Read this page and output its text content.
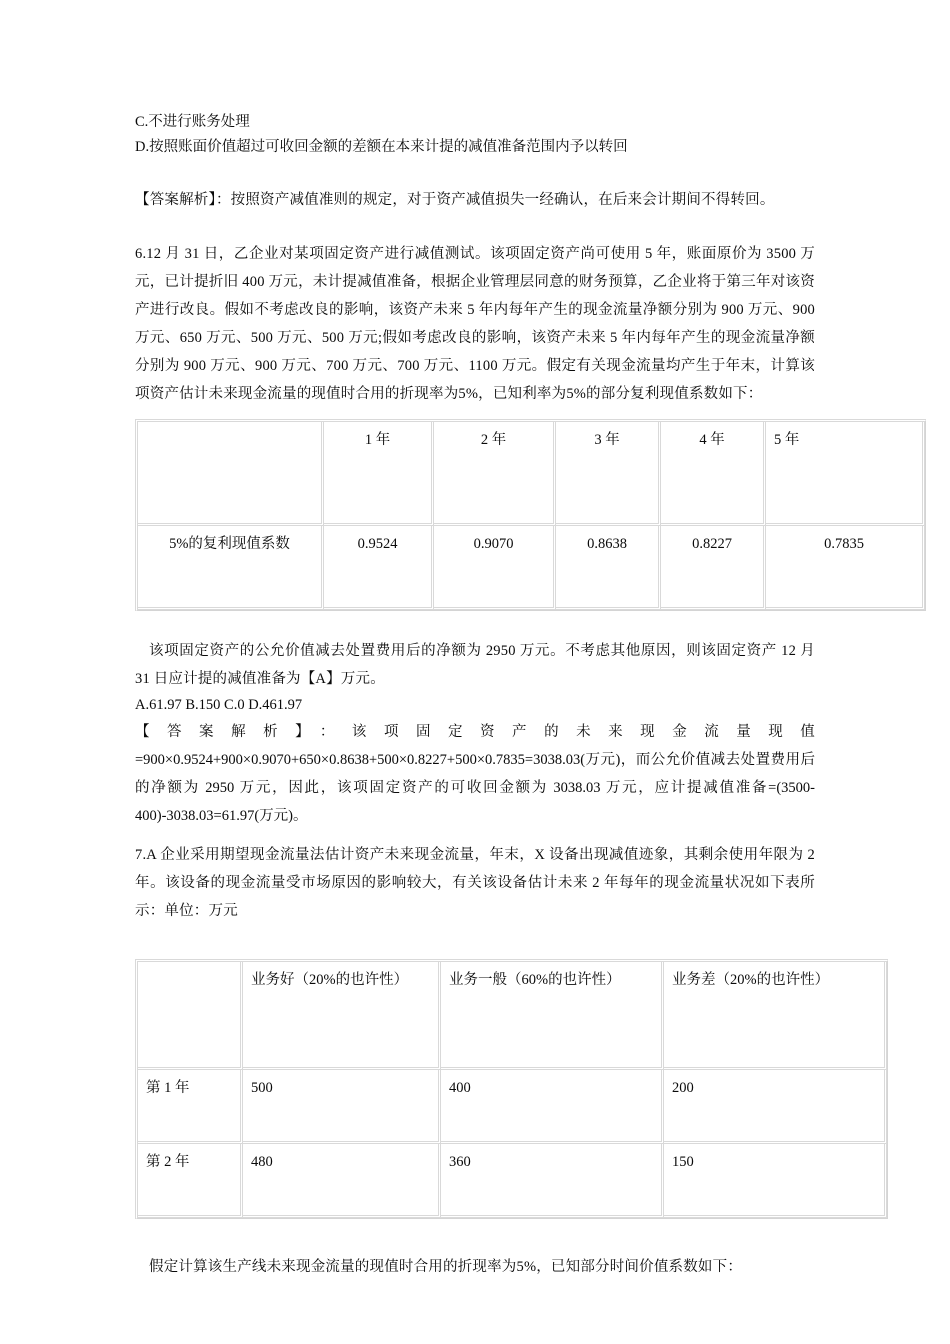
C.不进行账务处理

D.按照账面价值超过可收回金额的差额在本来计提的减值准备范围内予以转回

【答案解析】：按照资产减值准则的规定，对于资产减值损失一经确认，在后来会计期间不得转回。

6.12 月 31 日，乙企业对某项固定资产进行减值测试。该项固定资产尚可使用 5 年，账面原价为 3500 万元，已计提折旧 400 万元，未计提减值准备，根据企业管理层同意的财务预算，乙企业将于第三年对该资产进行改良。假如不考虑改良的影响，该资产未来 5 年内每年产生的现金流量净额分别为 900 万元、900 万元、650 万元、500 万元、500 万元;假如考虑改良的影响，该资产未来 5 年内每年产生的现金流量净额分别为 900 万元、900 万元、700 万元、700 万元、1100 万元。假定有关现金流量均产生于年末，计算该项资产估计未来现金流量的现值时合用的折现率为5%，已知利率为5%的部分复利现值系数如下：

	1 年	2 年	3 年	4 年	5 年
5%的复利现值系数	0.9524	0.9070	0.8638	0.8227	0.7835

该项固定资产的公允价值减去处置费用后的净额为 2950 万元。不考虑其他原因，则该固定资产 12 月 31 日应计提的减值准备为【A】万元。

A.61.97 B.150 C.0 D.461.97

【答案解析】：该项固定资产的未来现金流量现值

=900×0.9524+900×0.9070+650×0.8638+500×0.8227+500×0.7835=3038.03(万元)，而公允价值减去处置费用后的净额为 2950 万元，因此，该项固定资产的可收回金额为 3038.03 万元，应计提减值准备=(3500-400)-3038.03=61.97(万元)。

7.A 企业采用期望现金流量法估计资产未来现金流量，年末，X 设备出现减值迹象，其剩余使用年限为 2 年。该设备的现金流量受市场原因的影响较大，有关该设备估计未来 2 年每年的现金流量状况如下表所示：单位：万元

	业务好（20%的也许性）	业务一般（60%的也许性）	业务差（20%的也许性）
第 1 年	500	400	200
第 2 年	480	360	150

假定计算该生产线未来现金流量的现值时合用的折现率为5%，已知部分时间价值系数如下：
